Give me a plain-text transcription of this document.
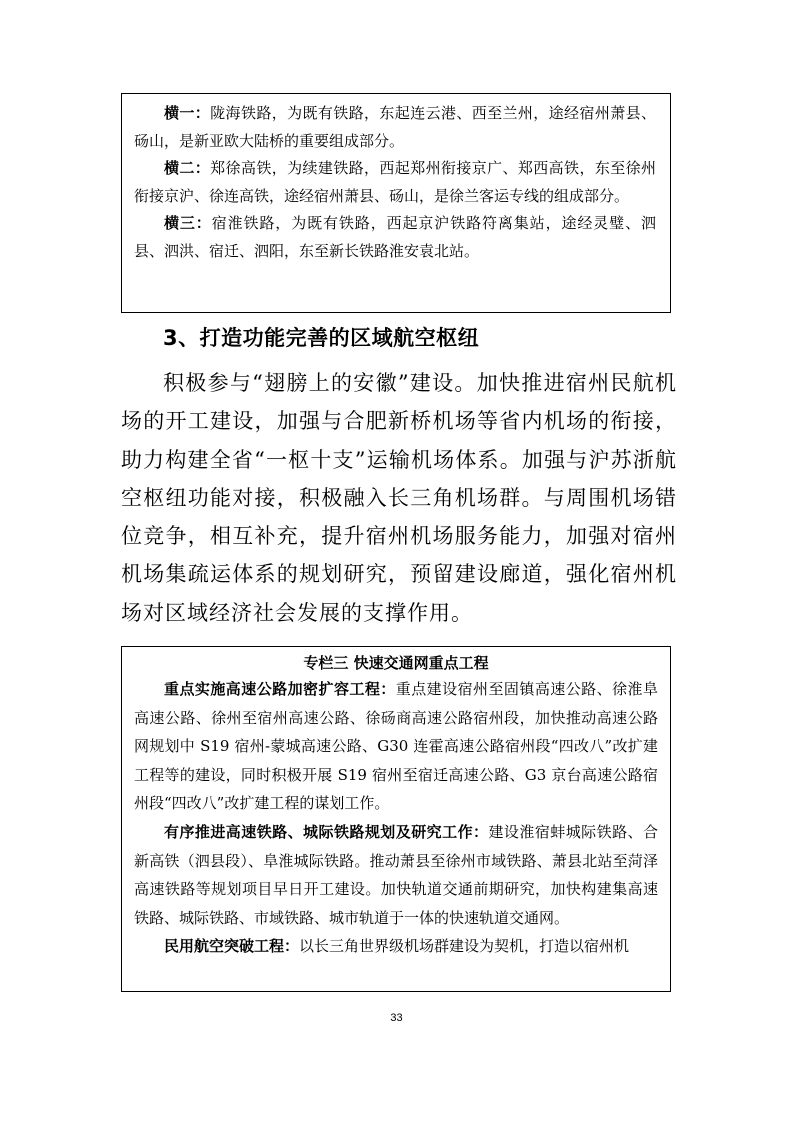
横一：陇海铁路，为既有铁路，东起连云港、西至兰州，途经宿州萧县、砀山，是新亚欧大陆桥的重要组成部分。

横二：郑徐高铁，为续建铁路，西起郑州衔接京广、郑西高铁，东至徐州衔接京沪、徐连高铁，途经宿州萧县、砀山，是徐兰客运专线的组成部分。

横三：宿淮铁路，为既有铁路，西起京沪铁路符离集站，途经灵璧、泗县、泗洪、宿迁、泗阳，东至新长铁路淮安袁北站。

3、打造功能完善的区域航空枢纽

积极参与“翅膀上的安徽”建设。加快推进宿州民航机场的开工建设，加强与合肥新桥机场等省内机场的衔接，助力构建全省“一枢十支”运输机场体系。加强与沪苏浙航空枢纽功能对接，积极融入长三角机场群。与周围机场错位竞争，相互补充，提升宿州机场服务能力，加强对宿州机场集疏运体系的规划研究，预留建设廊道，强化宿州机场对区域经济社会发展的支撑作用。

专栏三 快速交通网重点工程

重点实施高速公路加密扩容工程：重点建设宿州至固镇高速公路、徐淮阜高速公路、徐州至宿州高速公路、徐砀商高速公路宿州段，加快推动高速公路网规划中 S19 宿州-蒙城高速公路、G30 连霍高速公路宿州段“四改八”改扩建工程等的建设，同时积极开展 S19 宿州至宿迁高速公路、G3 京台高速公路宿州段“四改八”改扩建工程的谋划工作。

有序推进高速铁路、城际铁路规划及研究工作：建设淮宿蚌城际铁路、合新高铁（泗县段）、阜淮城际铁路。推动萧县至徐州市域铁路、萧县北站至菏泽高速铁路等规划项目早日开工建设。加快轨道交通前期研究，加快构建集高速铁路、城际铁路、市域铁路、城市轨道于一体的快速轨道交通网。

民用航空突破工程：以长三角世界级机场群建设为契机，打造以宿州机

33
